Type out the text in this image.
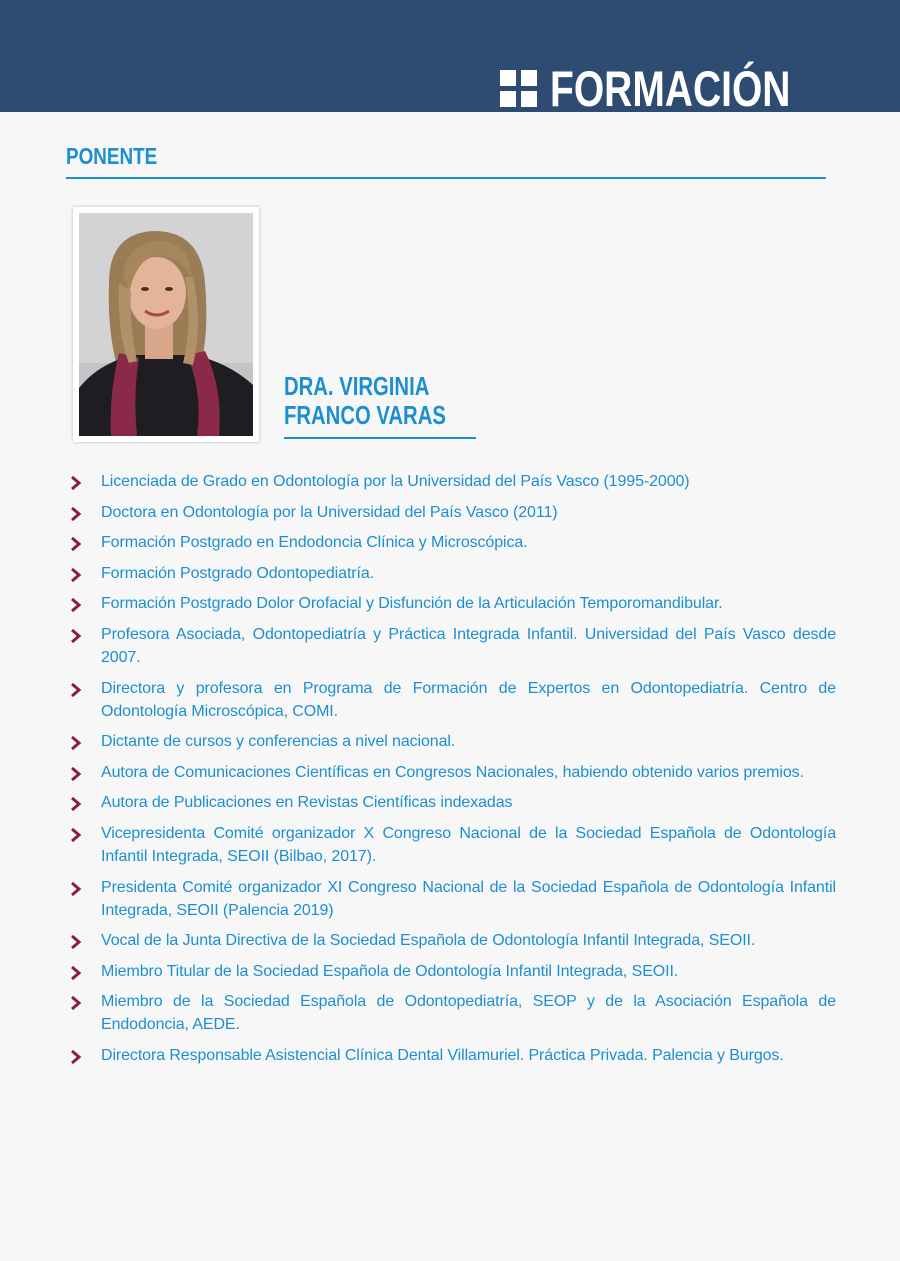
FORMACIÓN
PONENTE
DRA. VIRGINIA
FRANCO VARAS
Licenciada de Grado en Odontología por la Universidad del País Vasco (1995-2000)
Doctora en Odontología por la Universidad del País Vasco (2011)
Formación Postgrado en Endodoncia Clínica y Microscópica.
Formación Postgrado Odontopediatría.
Formación Postgrado Dolor Orofacial y Disfunción de la Articulación Temporomandibular.
Profesora Asociada, Odontopediatría y Práctica Integrada Infantil. Universidad del País Vasco desde 2007.
Directora y profesora en Programa de Formación de Expertos en Odontopediatría. Centro de Odontología Microscópica, COMI.
Dictante de cursos y conferencias a nivel nacional.
Autora de Comunicaciones Científicas en Congresos Nacionales, habiendo obtenido varios premios.
Autora de Publicaciones en Revistas Científicas indexadas
Vicepresidenta Comité organizador X Congreso Nacional de la Sociedad Española de Odontología Infantil Integrada, SEOII (Bilbao, 2017).
Presidenta Comité organizador XI Congreso Nacional de la Sociedad Española de Odontología Infantil Integrada, SEOII (Palencia 2019)
Vocal de la Junta Directiva de la Sociedad Española de Odontología Infantil Integrada, SEOII.
Miembro Titular de la Sociedad Española de Odontología Infantil Integrada, SEOII.
Miembro de la Sociedad Española de Odontopediatría, SEOP y de la Asociación Española de Endodoncia, AEDE.
Directora Responsable Asistencial Clínica Dental Villamuriel. Práctica Privada. Palencia y Burgos.
